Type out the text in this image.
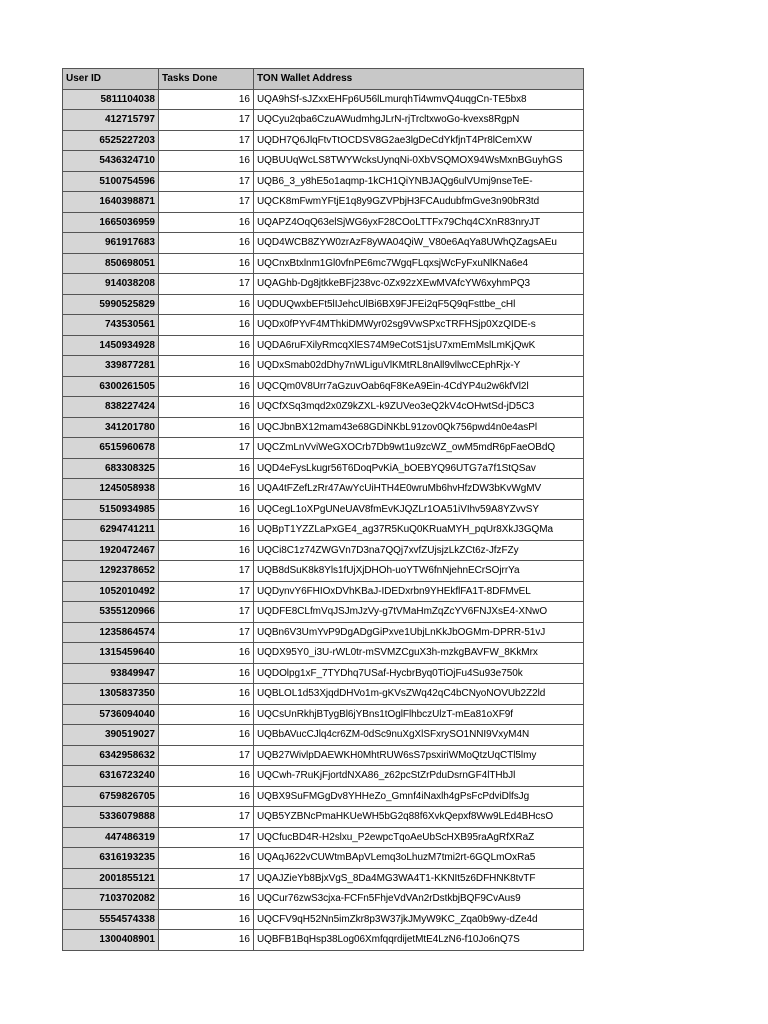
User ID	Tasks Done	TON Wallet Address
5811104038	16	UQA9hSf-sJZxxEHFp6U56lLmurqhTi4wmvQ4uqgCn-TE5bx8
412715797	17	UQCyu2qba6CzuAWudmhgJLrN-rjTrcltxwoGo-kvexs8RgpN
6525227203	17	UQDH7Q6JlqFtvTtOCDSV8G2ae3lgDeCdYkfjnT4Pr8lCemXW
5436324710	16	UQBUUqWcLS8TWYWcksUynqNi-0XbVSQMOX94WsMxnBGuyhGS
5100754596	17	UQB6_3_y8hE5o1aqmp-1kCH1QiYNBJAQg6ulVUmj9nseTeE-
1640398871	17	UQCK8mFwmYFtjE1q8y9GZVPbjH3FCAudubfmGve3n90bR3td
1665036959	16	UQAPZ4OqQ63elSjWG6yxF28COoLTTFx79Chq4CXnR83nryJT
961917683	16	UQD4WCB8ZYW0zrAzF8yWA04QiW_V80e6AqYa8UWhQZagsAEu
850698051	16	UQCnxBtxlnm1Gl0vfnPE6mc7WgqFLqxsjWcFyFxuNlKNa6e4
914038208	17	UQAGhb-Dg8jtkkeBFj238vc-0Zx92zXEwMVAfcYW6xyhmPQ3
5990525829	16	UQDUQwxbEFt5lIJehcUlBi6BX9FJFEi2qF5Q9qFsttbe_cHl
743530561	16	UQDx0fPYvF4MThkiDMWyr02sg9VwSPxcTRFHSjp0XzQIDE-s
1450934928	16	UQDA6ruFXilyRmcqXlES74M9eCotS1jsU7xmEmMslLmKjQwK
339877281	16	UQDxSmab02dDhy7nWLiguVlKMtRL8nAll9vllwcCEphRjx-Y
6300261505	16	UQCQm0V8Urr7aGzuvOab6qF8KeA9Ein-4CdYP4u2w6kfVl2l
838227424	16	UQCfXSq3mqd2x0Z9kZXL-k9ZUVeo3eQ2kV4cOHwtSd-jD5C3
341201780	16	UQCJbnBX12mam43e68GDiNKbL91zov0Qk756pwd4n0e4asPl
6515960678	17	UQCZmLnVviWeGXOCrb7Db9wt1u9zcWZ_owM5mdR6pFaeOBdQ
683308325	16	UQD4eFysLkugr56T6DoqPvKiA_bOEBYQ96UTG7a7f1StQSav
1245058938	16	UQA4tFZefLzRr47AwYcUiHTH4E0wruMb6hvHfzDW3bKvWgMV
5150934985	16	UQCegL1oXPgUNeUAV8fmEvKJQZLr1OA51iVIhv59A8YZvvSY
6294741211	16	UQBpT1YZZLaPxGE4_ag37R5KuQ0KRuaMYH_pqUr8XkJ3GQMa
1920472467	16	UQCi8C1z74ZWGVn7D3na7QQj7xvfZUjsjzLkZCt6z-JfzFZy
1292378652	17	UQB8dSuK8k8Yls1fUjXjDHOh-uoYTW6fnNjehnECrSOjrrYa
1052010492	17	UQDynvY6FHIOxDVhKBaJ-IDEDxrbn9YHEkflFA1T-8DFMvEL
5355120966	17	UQDFE8CLfmVqJSJmJzVy-g7tVMaHmZqZcYV6FNJXsE4-XNwO
1235864574	17	UQBn6V3UmYvP9DgADgGiPxve1UbjLnKkJbOGMm-DPRR-51vJ
1315459640	16	UQDX95Y0_i3U-rWL0tr-mSVMZCguX3h-mzkgBAVFW_8KkMrx
93849947	16	UQDOlpg1xF_7TYDhq7USaf-HycbrByq0TiOjFu4Su93e750k
1305837350	16	UQBLOL1d53XjqdDHVo1m-gKVsZWq42qC4bCNyoNOVUb2Z2ld
5736094040	16	UQCsUnRkhjBTygBl6jYBns1tOglFlhbczUlzT-mEa81oXF9f
390519027	16	UQBbAVucCJlq4cr6ZM-0dSc9nuXgXlSFxrySO1NNI9VxyM4N
6342958632	17	UQB27WivlpDAEWKH0MhtRUW6sS7psxiriWMoQtzUqCTl5lmy
6316723240	16	UQCwh-7RuKjFjortdNXA86_z62pcStZrPduDsrnGF4lTHbJl
6759826705	16	UQBX9SuFMGgDv8YHHeZo_Gmnf4iNaxlh4gPsFcPdviDlfsJg
5336079888	17	UQB5YZBNcPmaHKUeWH5bG2q88f6XvkQepxf8Ww9LEd4BHcsO
447486319	17	UQCfucBD4R-H2slxu_P2ewpcTqoAeUbScHXB95raAgRfXRaZ
6316193235	16	UQAqJ622vCUWtmBApVLemq3oLhuzM7tmi2rt-6GQLmOxRa5
2001855121	17	UQAJZieYb8BjxVgS_8Da4MG3WA4T1-KKNIt5z6DFHNK8tvTF
7103702082	16	UQCur76zwS3cjxa-FCFn5FhjeVdVAn2rDstkbjBQF9CvAus9
5554574338	16	UQCFV9qH52Nn5imZkr8p3W37jkJMyW9KC_Zqa0b9wy-dZe4d
1300408901	16	UQBFB1BqHsp38Log06XmfqqrdijetMtE4LzN6-f10Jo6nQ7S
